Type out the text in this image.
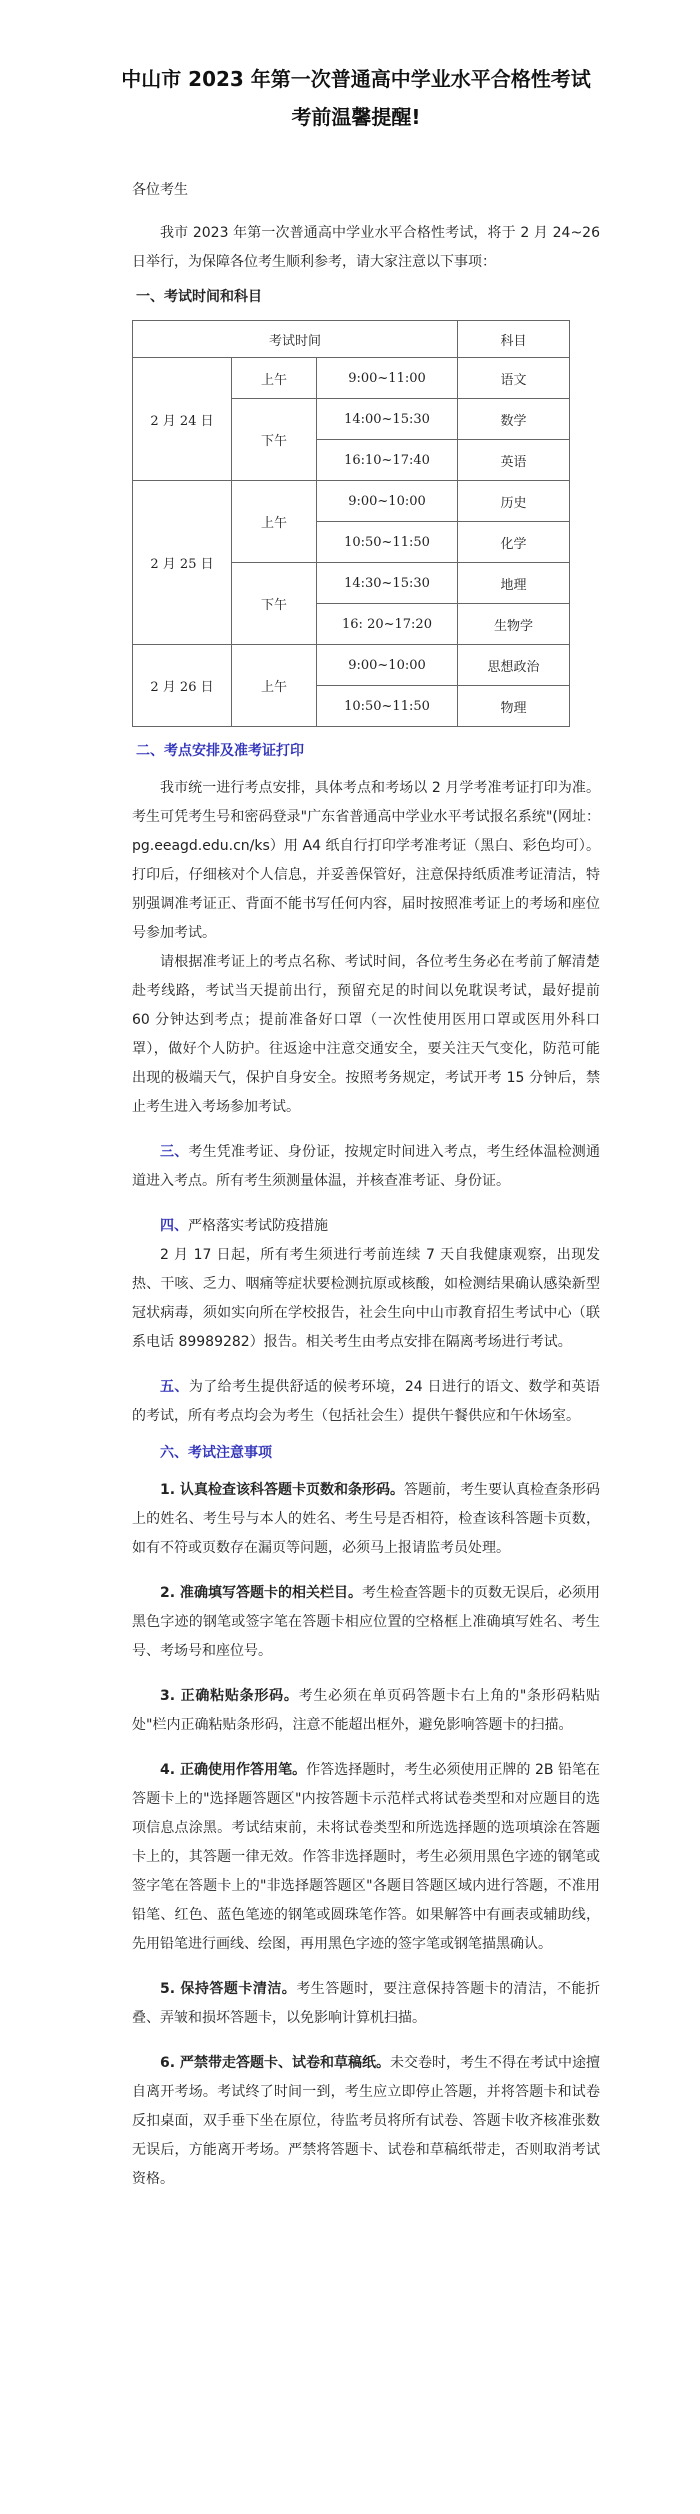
中山市 2023 年第一次普通高中学业水平合格性考试考前温馨提醒!

各位考生

我市 2023 年第一次普通高中学业水平合格性考试，将于 2 月 24~26 日举行，为保障各位考生顺利参考，请大家注意以下事项：

一、考试时间和科目
考试时间			科目
2 月 24 日	上午	9:00~11:00	语文
	下午	14:00~15:30	数学
		16:10~17:40	英语
2 月 25 日	上午	9:00~10:00	历史
		10:50~11:50	化学
	下午	14:30~15:30	地理
		16: 20~17:20	生物学
2 月 26 日	上午	9:00~10:00	思想政治
		10:50~11:50	物理
二、考点安排及准考证打印

我市统一进行考点安排，具体考点和考场以 2 月学考准考证打印为准。考生可凭考生号和密码登录"广东省普通高中学业水平考试报名系统"(网址：pg.eeagd.edu.cn/ks）用 A4 纸自行打印学考准考证（黑白、彩色均可）。打印后，仔细核对个人信息，并妥善保管好，注意保持纸质准考证清洁，特别强调准考证正、背面不能书写任何内容，届时按照准考证上的考场和座位号参加考试。

请根据准考证上的考点名称、考试时间，各位考生务必在考前了解清楚赴考线路，考试当天提前出行，预留充足的时间以免耽误考试，最好提前 60 分钟达到考点；提前准备好口罩（一次性使用医用口罩或医用外科口罩），做好个人防护。往返途中注意交通安全，要关注天气变化，防范可能出现的极端天气，保护自身安全。按照考务规定，考试开考 15 分钟后，禁止考生进入考场参加考试。

三、考生凭准考证、身份证，按规定时间进入考点，考生经体温检测通道进入考点。所有考生须测量体温，并核查准考证、身份证。

四、严格落实考试防疫措施

2 月 17 日起，所有考生须进行考前连续 7 天自我健康观察，出现发热、干咳、乏力、咽痛等症状要检测抗原或核酸，如检测结果确认感染新型冠状病毒，须如实向所在学校报告，社会生向中山市教育招生考试中心（联系电话 89989282）报告。相关考生由考点安排在隔离考场进行考试。

五、为了给考生提供舒适的候考环境，24 日进行的语文、数学和英语的考试，所有考点均会为考生（包括社会生）提供午餐供应和午休场室。

六、考试注意事项

1. 认真检查该科答题卡页数和条形码。答题前，考生要认真检查条形码上的姓名、考生号与本人的姓名、考生号是否相符，检查该科答题卡页数，如有不符或页数存在漏页等问题，必须马上报请监考员处理。

2. 准确填写答题卡的相关栏目。考生检查答题卡的页数无误后，必须用黑色字迹的钢笔或签字笔在答题卡相应位置的空格框上准确填写姓名、考生号、考场号和座位号。

3. 正确粘贴条形码。考生必须在单页码答题卡右上角的"条形码粘贴处"栏内正确粘贴条形码，注意不能超出框外，避免影响答题卡的扫描。

4. 正确使用作答用笔。作答选择题时，考生必须使用正牌的 2B 铅笔在答题卡上的"选择题答题区"内按答题卡示范样式将试卷类型和对应题目的选项信息点涂黑。考试结束前，未将试卷类型和所选选择题的选项填涂在答题卡上的，其答题一律无效。作答非选择题时，考生必须用黑色字迹的钢笔或签字笔在答题卡上的"非选择题答题区"各题目答题区域内进行答题，不准用铅笔、红色、蓝色笔迹的钢笔或圆珠笔作答。如果解答中有画表或辅助线，先用铅笔进行画线、绘图，再用黑色字迹的签字笔或钢笔描黑确认。

5. 保持答题卡清洁。考生答题时，要注意保持答题卡的清洁，不能折叠、弄皱和损坏答题卡，以免影响计算机扫描。

6. 严禁带走答题卡、试卷和草稿纸。未交卷时，考生不得在考试中途擅自离开考场。考试终了时间一到，考生应立即停止答题，并将答题卡和试卷反扣桌面，双手垂下坐在原位，待监考员将所有试卷、答题卡收齐核准张数无误后，方能离开考场。严禁将答题卡、试卷和草稿纸带走，否则取消考试资格。
